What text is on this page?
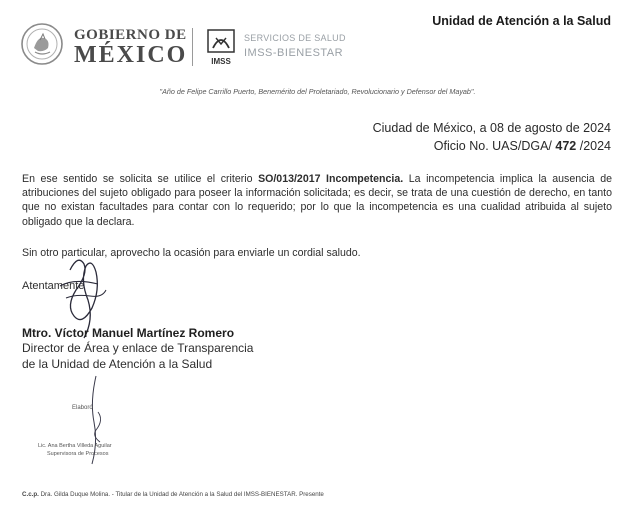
GOBIERNO DE
MÉXICO	IMSS
SERVICIOS DE SALUD
IMSS-BIENESTAR
Unidad de Atención a la Salud
"Año de Felipe Carrillo Puerto, Benemérito del Proletariado, Revolucionario y Defensor del Mayab".
Ciudad de México, a 08 de agosto de 2024
Oficio No. UAS/DGA/ 472 /2024
En ese sentido se solicita se utilice el criterio SO/013/2017 Incompetencia. La incompetencia implica la ausencia de atribuciones del sujeto obligado para poseer la información solicitada; es decir, se trata de una cuestión de derecho, en tanto que no existan facultades para contar con lo requerido; por lo que la incompetencia es una cualidad atribuida al sujeto obligado que la declara.
Sin otro particular, aprovecho la ocasión para enviarle un cordial saludo.
Atentamente
Mtro. Víctor Manuel Martínez Romero
Director de Área y enlace de Transparencia
de la Unidad de Atención a la Salud
Elaboró
Lic. Ana Bertha Villeda Aguilar
Supervisora de Procesos
C.c.p. Dra. Gilda Duque Molina. - Titular de la Unidad de Atención a la Salud del IMSS-BIENESTAR. Presente
